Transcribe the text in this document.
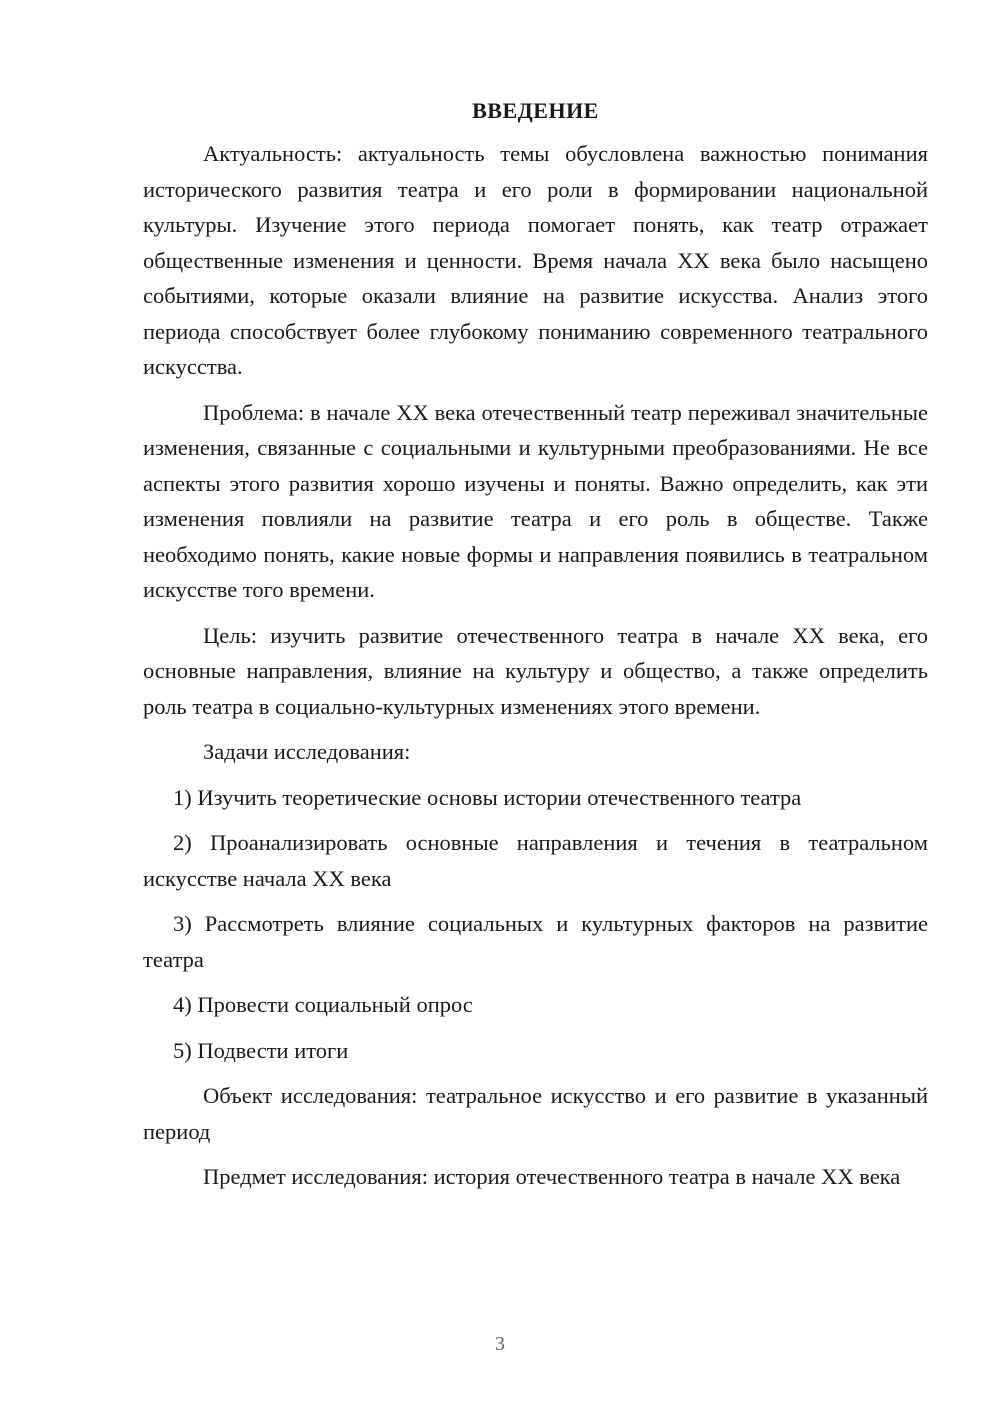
ВВЕДЕНИЕ

Актуальность: актуальность темы обусловлена важностью понимания исторического развития театра и его роли в формировании национальной культуры. Изучение этого периода помогает понять, как театр отражает общественные изменения и ценности. Время начала XX века было насыщено событиями, которые оказали влияние на развитие искусства. Анализ этого периода способствует более глубокому пониманию современного театрального искусства.

Проблема: в начале XX века отечественный театр переживал значительные изменения, связанные с социальными и культурными преобразованиями. Не все аспекты этого развития хорошо изучены и поняты. Важно определить, как эти изменения повлияли на развитие театра и его роль в обществе. Также необходимо понять, какие новые формы и направления появились в театральном искусстве того времени.

Цель: изучить развитие отечественного театра в начале XX века, его основные направления, влияние на культуру и общество, а также определить роль театра в социально-культурных изменениях этого времени.

Задачи исследования:

1) Изучить теоретические основы истории отечественного театра

2) Проанализировать основные направления и течения в театральном искусстве начала XX века

3) Рассмотреть влияние социальных и культурных факторов на развитие театра

4) Провести социальный опрос

5) Подвести итоги

Объект исследования: театральное искусство и его развитие в указанный период

Предмет исследования: история отечественного театра в начале XX века

3
